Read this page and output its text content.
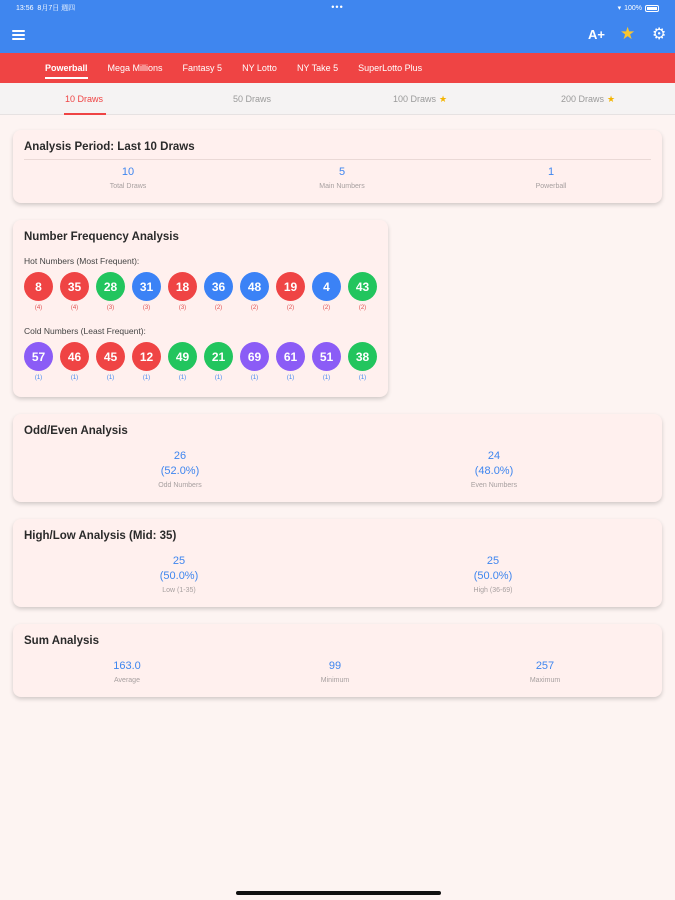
13:56 8月7日 週四	•••	▾ 100%
A+ ★ ⚙
Powerball	Mega Millions	Fantasy 5	NY Lotto	NY Take 5	SuperLotto Plus
10 Draws	50 Draws	100 Draws ★	200 Draws ★
Analysis Period: Last 10 Draws
10
Total Draws
5
Main Numbers
1
Powerball
Number Frequency Analysis
Hot Numbers (Most Frequent):
8
(4)
35
(4)
28
(3)
31
(3)
18
(3)
36
(2)
48
(2)
19
(2)
4
(2)
43
(2)
Cold Numbers (Least Frequent):
57
(1)
46
(1)
45
(1)
12
(1)
49
(1)
21
(1)
69
(1)
61
(1)
51
(1)
38
(1)
Odd/Even Analysis
26
(52.0%)
Odd Numbers
24
(48.0%)
Even Numbers
High/Low Analysis (Mid: 35)
25
(50.0%)
Low (1-35)
25
(50.0%)
High (36-69)
Sum Analysis
163.0
Average
99
Minimum
257
Maximum
